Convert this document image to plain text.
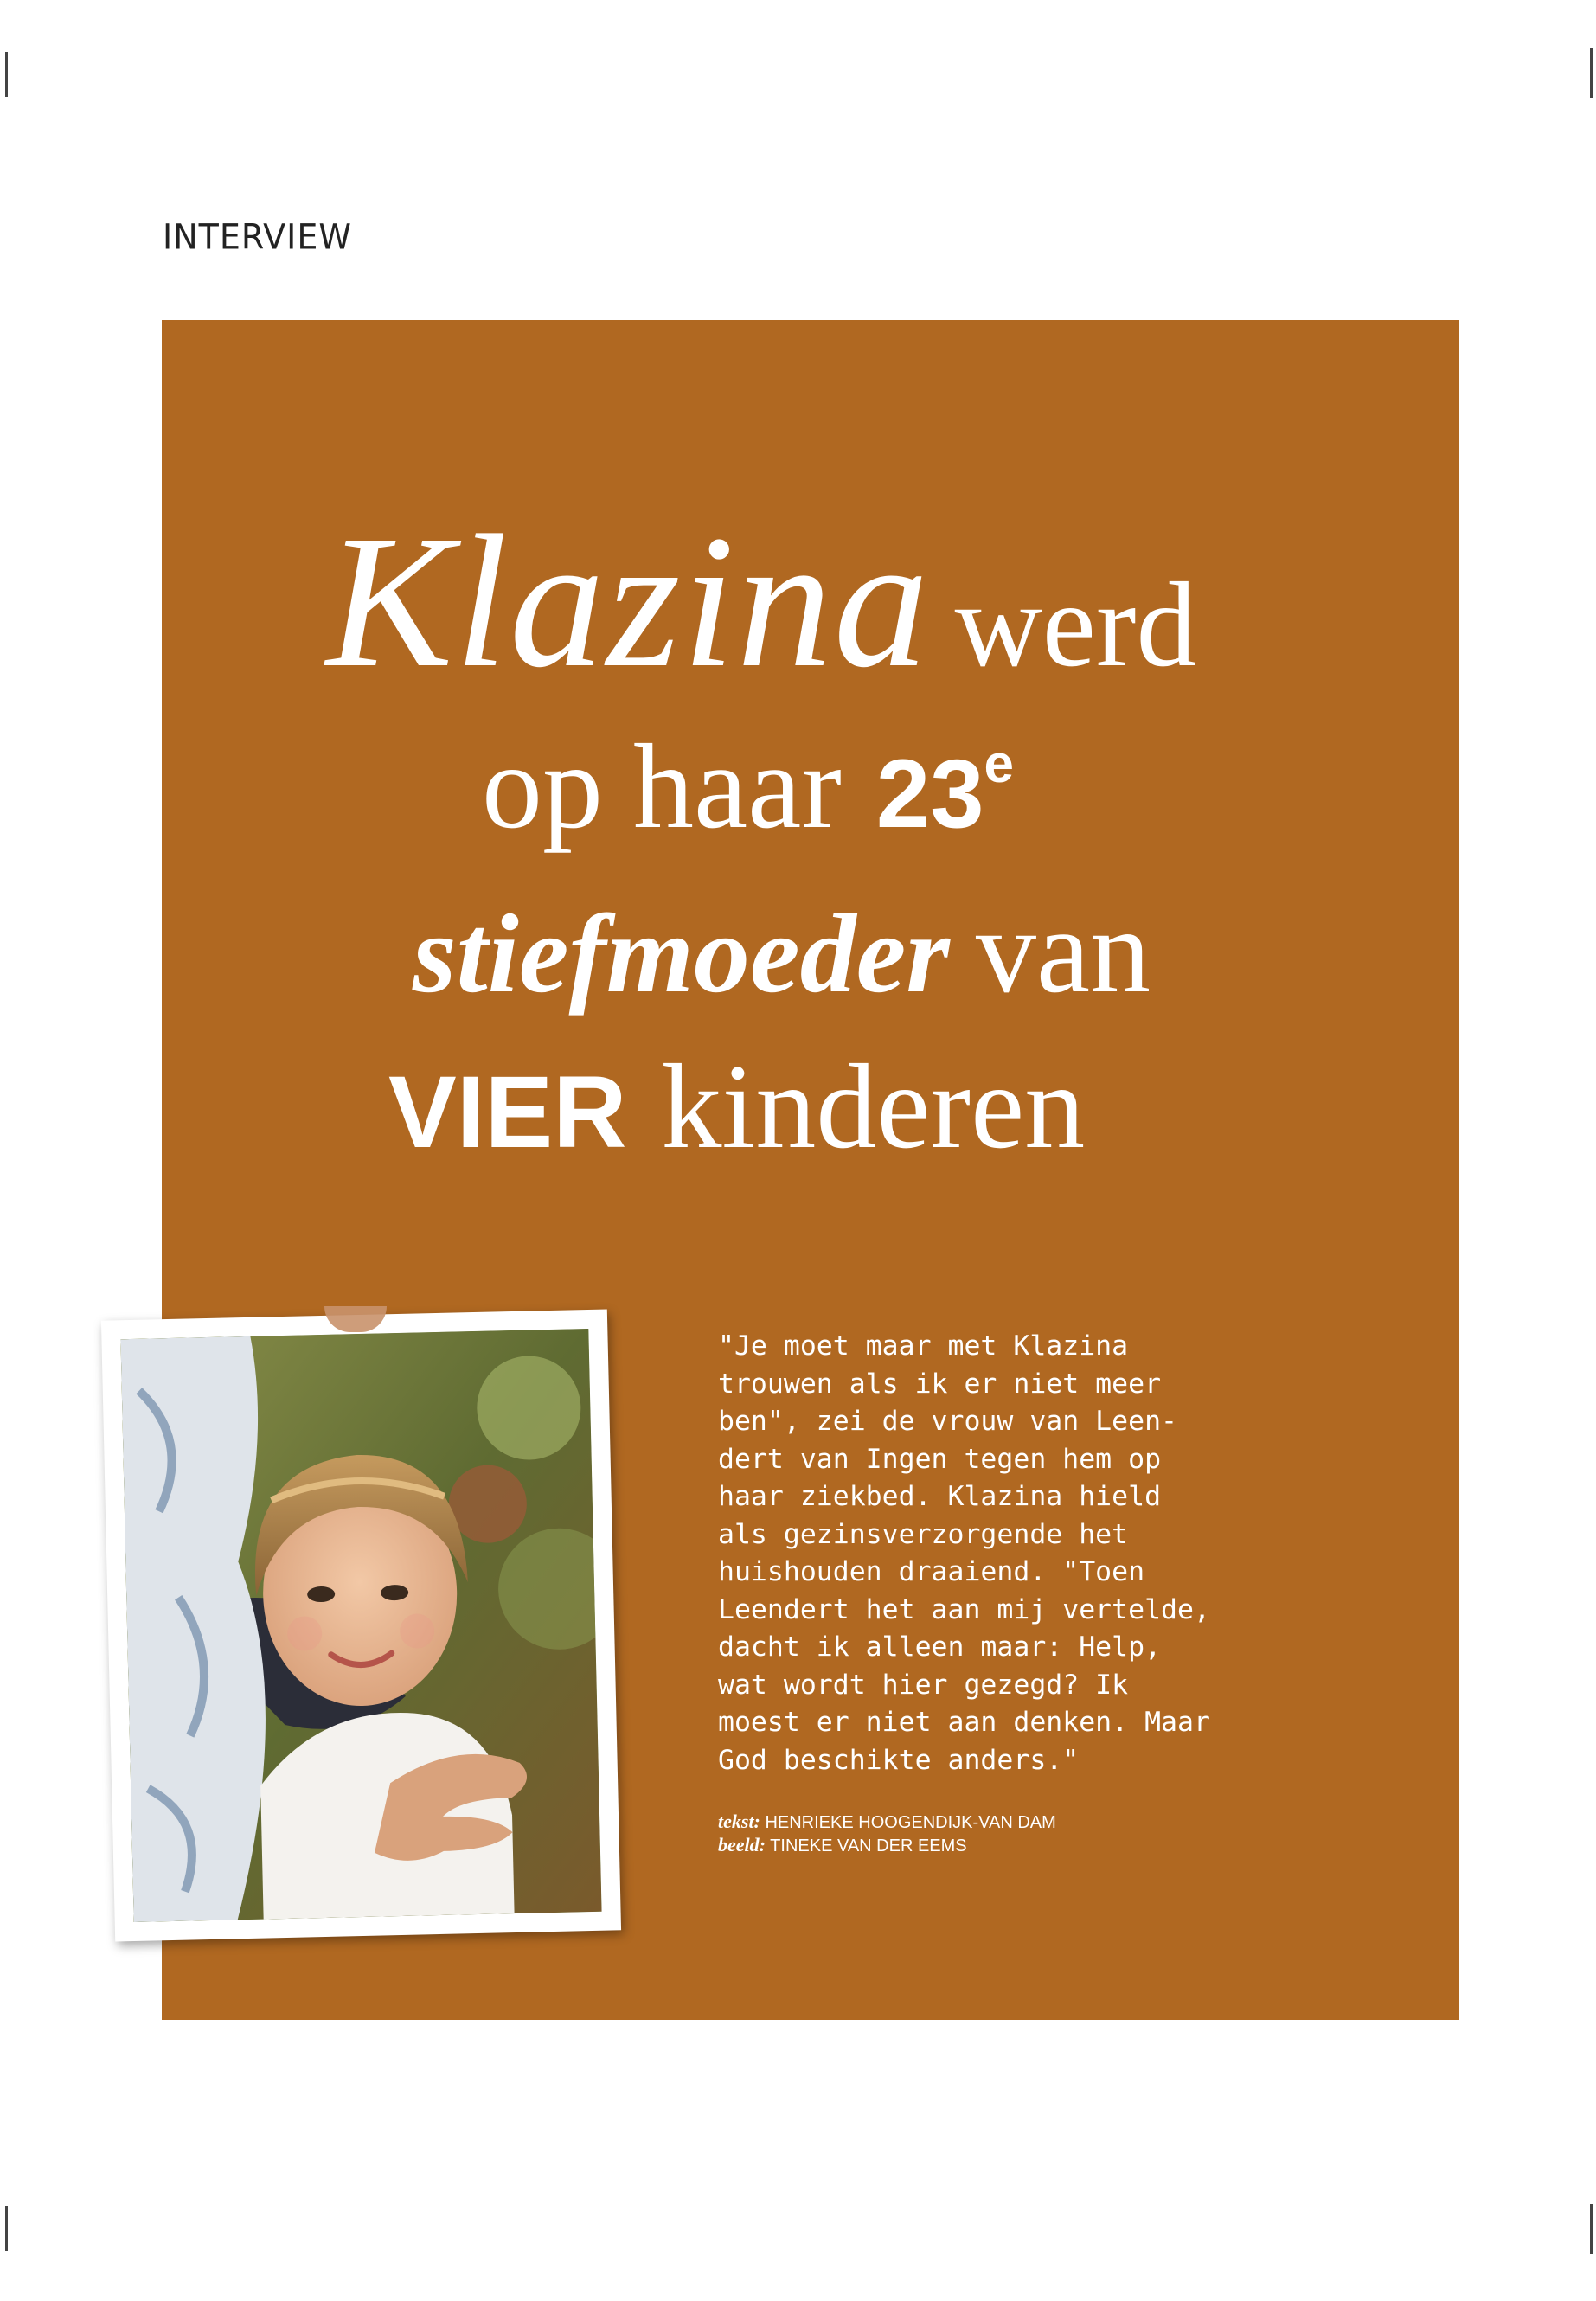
INTERVIEW
Klazina werd
op haar 23e
stiefmoeder van
VIER kinderen
"Je moet maar met Klazina
trouwen als ik er niet meer
ben", zei de vrouw van Leen-
dert van Ingen tegen hem op
haar ziekbed. Klazina hield
als gezinsverzorgende het
huishouden draaiend. "Toen
Leendert het aan mij vertelde,
dacht ik alleen maar: Help,
wat wordt hier gezegd? Ik
moest er niet aan denken. Maar
God beschikte anders."
tekst: HENRIEKE HOOGENDIJK-VAN DAM
beeld: TINEKE VAN DER EEMS
